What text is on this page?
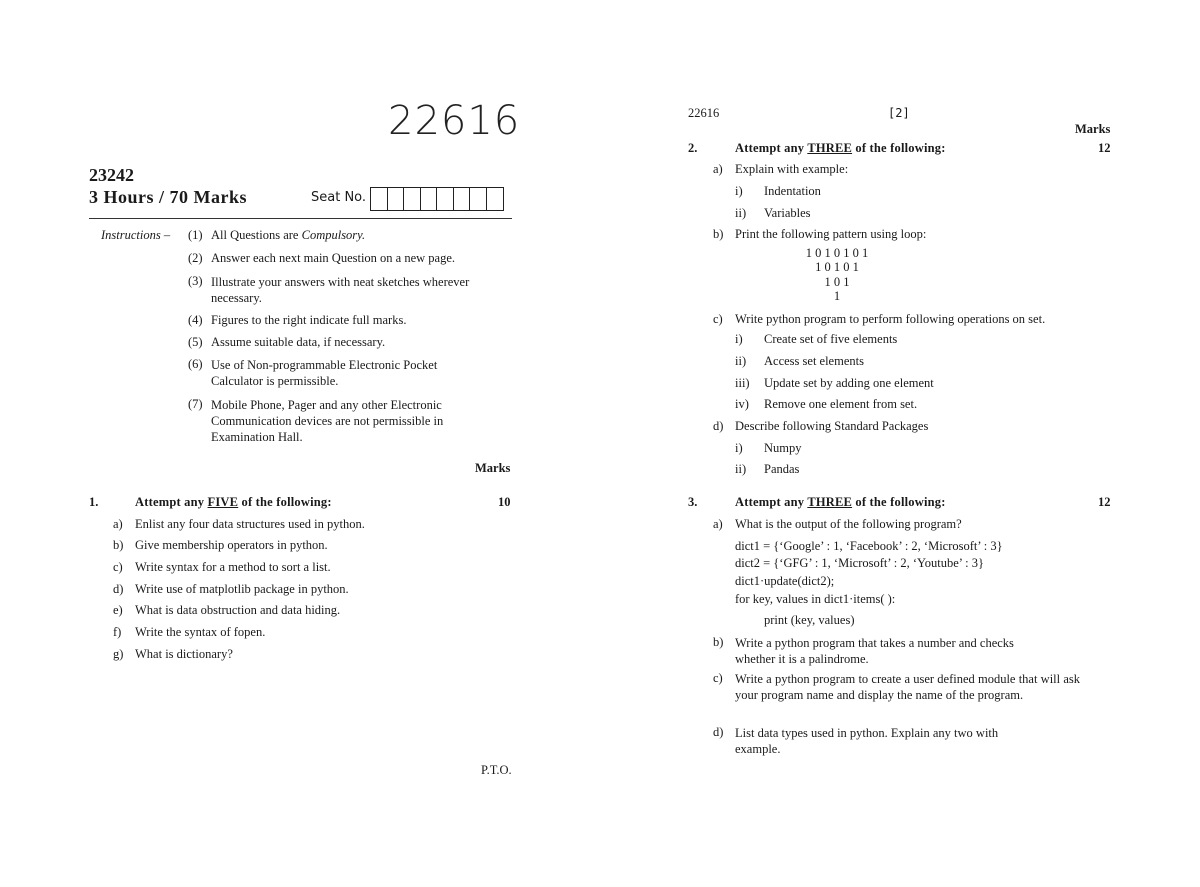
22616
23242
3 Hours / 70 Marks	Seat No.
Instructions – (1) All Questions are Compulsory.
(2) Answer each next main Question on a new page.
(3) Illustrate your answers with neat sketches wherever necessary.
(4) Figures to the right indicate full marks.
(5) Assume suitable data, if necessary.
(6) Use of Non-programmable Electronic Pocket Calculator is permissible.
(7) Mobile Phone, Pager and any other Electronic Communication devices are not permissible in Examination Hall.
Marks
1.	Attempt any FIVE of the following:	10
a) Enlist any four data structures used in python.
b) Give membership operators in python.
c) Write syntax for a method to sort a list.
d) Write use of matplotlib package in python.
e) What is data obstruction and data hiding.
f) Write the syntax of fopen.
g) What is dictionary?
P.T.O.
22616	[2]
Marks
2.	Attempt any THREE of the following:	12
a) Explain with example:
i) Indentation
ii) Variables
b) Print the following pattern using loop:
1 0 1 0 1 0 1
1 0 1 0 1
1 0 1
1
c) Write python program to perform following operations on set.
i) Create set of five elements
ii) Access set elements
iii) Update set by adding one element
iv) Remove one element from set.
d) Describe following Standard Packages
i) Numpy
ii) Pandas
3.	Attempt any THREE of the following:	12
a) What is the output of the following program?
dict1 = {‘Google’ : 1, ‘Facebook’ : 2, ‘Microsoft’ : 3}
dict2 = {‘GFG’ : 1, ‘Microsoft’ : 2, ‘Youtube’ : 3}
dict1·update(dict2);
for key, values in dict1·items( ):
print (key, values)
b) Write a python program that takes a number and checks whether it is a palindrome.
c) Write a python program to create a user defined module that will ask your program name and display the name of the program.
d) List data types used in python. Explain any two with example.
